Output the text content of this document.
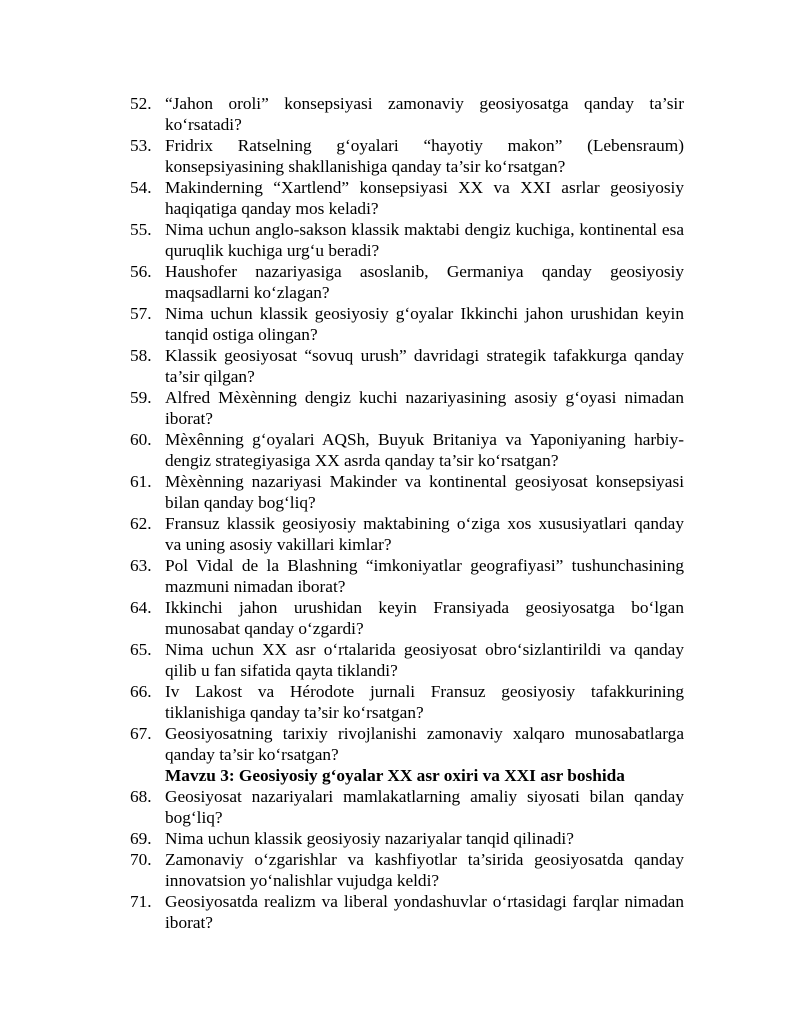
52. “Jahon oroli” konsepsiyasi zamonaviy geosiyosatga qanday ta’sir ko‘rsatadi?
53. Fridrix Ratselning g‘oyalari “hayotiy makon” (Lebensraum) konsepsiyasining shakllanishiga qanday ta’sir ko‘rsatgan?
54. Makinderning “Xartlend” konsepsiyasi XX va XXI asrlar geosiyosiy haqiqatiga qanday mos keladi?
55. Nima uchun anglo-sakson klassik maktabi dengiz kuchiga, kontinental esa quruqlik kuchiga urg‘u beradi?
56. Haushofer nazariyasiga asoslanib, Germaniya qanday geosiyosiy maqsadlarni ko‘zlagan?
57. Nima uchun klassik geosiyosiy g‘oyalar Ikkinchi jahon urushidan keyin tanqid ostiga olingan?
58. Klassik geosiyosat “sovuq urush” davridagi strategik tafakkurga qanday ta’sir qilgan?
59. Alfred Mèxènning dengiz kuchi nazariyasining asosiy g‘oyasi nimadan iborat?
60. Mèxênning g‘oyalari AQSh, Buyuk Britaniya va Yaponiyaning harbiy-dengiz strategiyasiga XX asrda qanday ta’sir ko‘rsatgan?
61. Mèxènning nazariyasi Makinder va kontinental geosiyosat konsepsiyasi bilan qanday bog‘liq?
62. Fransuz klassik geosiyosiy maktabining o‘ziga xos xususiyatlari qanday va uning asosiy vakillari kimlar?
63. Pol Vidal de la Blashning “imkoniyatlar geografiyasi” tushunchasining mazmuni nimadan iborat?
64. Ikkinchi jahon urushidan keyin Fransiyada geosiyosatga bo‘lgan munosabat qanday o‘zgardi?
65. Nima uchun XX asr o‘rtalarida geosiyosat obro‘sizlantirildi va qanday qilib u fan sifatida qayta tiklandi?
66. Iv Lakost va Hérodote jurnali Fransuz geosiyosiy tafakkurining tiklanishiga qanday ta’sir ko‘rsatgan?
67. Geosiyosatning tarixiy rivojlanishi zamonaviy xalqaro munosabatlarga qanday ta’sir ko‘rsatgan?
Mavzu 3: Geosiyosiy g‘oyalar XX asr oxiri va XXI asr boshida
68. Geosiyosat nazariyalari mamlakatlarning amaliy siyosati bilan qanday bog‘liq?
69. Nima uchun klassik geosiyosiy nazariyalar tanqid qilinadi?
70. Zamonaviy o‘zgarishlar va kashfiyotlar ta’sirida geosiyosatda qanday innovatsion yo‘nalishlar vujudga keldi?
71. Geosiyosatda realizm va liberal yondashuvlar o‘rtasidagi farqlar nimadan iborat?
